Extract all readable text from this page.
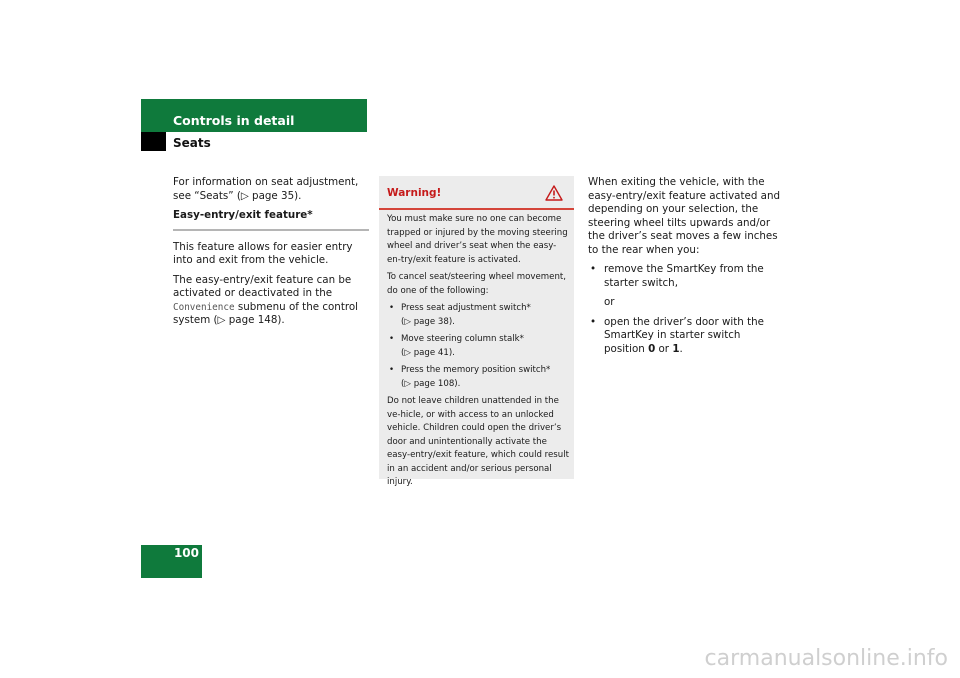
Controls in detail
Seats

For information on seat adjustment, see “Seats” (▷ page 35).

Easy-entry/exit feature*

This feature allows for easier entry into and exit from the vehicle.

The easy-entry/exit feature can be activated or deactivated in the Convenience submenu of the control system (▷ page 148).

Warning!

You must make sure no one can become trapped or injured by the moving steering wheel and driver’s seat when the easy-en-try/exit feature is activated.

To cancel seat/steering wheel movement, do one of the following:

• Press seat adjustment switch*
(▷ page 38).
• Move steering column stalk*
(▷ page 41).
• Press the memory position switch*
(▷ page 108).

Do not leave children unattended in the ve-hicle, or with access to an unlocked vehicle. Children could open the driver’s door and unintentionally activate the easy-entry/exit feature, which could result in an accident and/or serious personal injury.

When exiting the vehicle, with the easy-entry/exit feature activated and depending on your selection, the steering wheel tilts upwards and/or the driver’s seat moves a few inches to the rear when you:

• remove the SmartKey from the starter switch,

or

• open the driver’s door with the SmartKey in starter switch position 0 or 1.
100
carmanualsonline.info
